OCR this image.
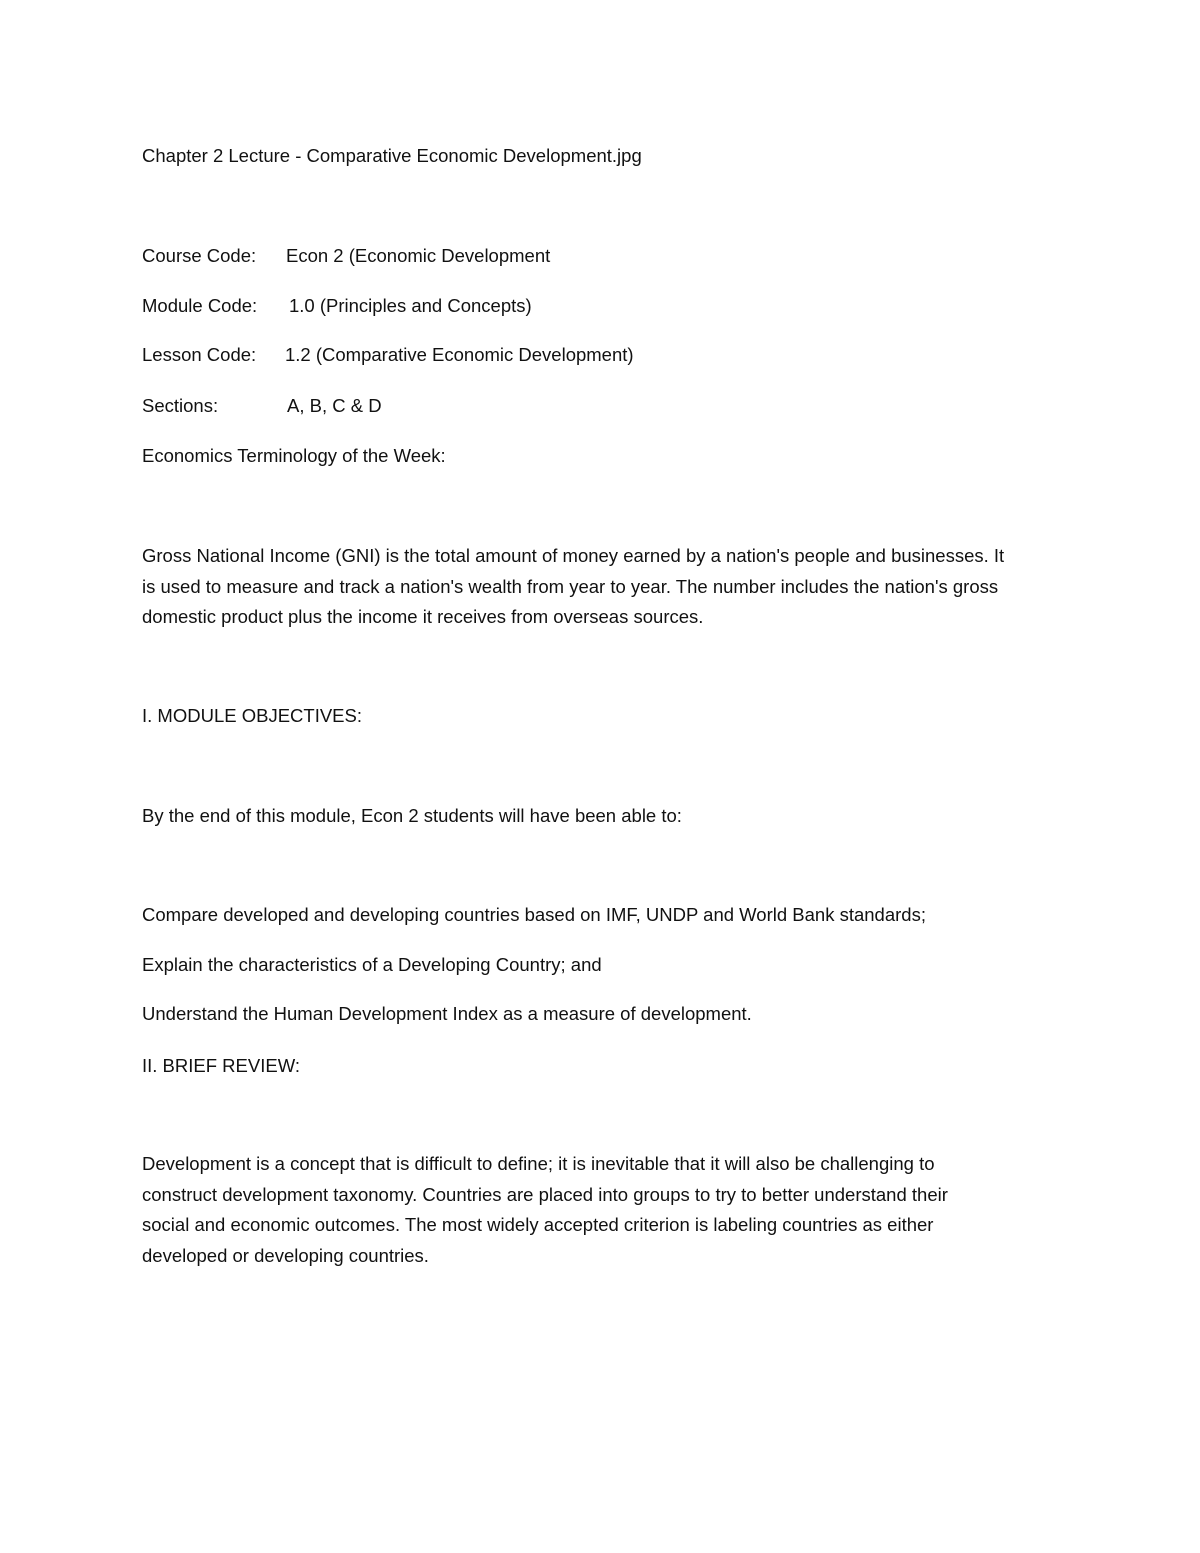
Chapter 2 Lecture - Comparative Economic Development.jpg
Course Code: Econ 2 (Economic Development
Module Code: 1.0 (Principles and Concepts)
Lesson Code: 1.2 (Comparative Economic Development)
Sections:	A, B, C & D
Economics Terminology of the Week:
Gross National Income (GNI) is the total amount of money earned by a nation's people and businesses. It
is used to measure and track a nation's wealth from year to year. The number includes the nation's gross
domestic product plus the income it receives from overseas sources.
I. MODULE OBJECTIVES:
By the end of this module, Econ 2 students will have been able to:
Compare developed and developing countries based on IMF, UNDP and World Bank standards;
Explain the characteristics of a Developing Country; and
Understand the Human Development Index as a measure of development.
II. BRIEF REVIEW:
Development is a concept that is difficult to define; it is inevitable that it will also be challenging to
construct development taxonomy. Countries are placed into groups to try to better understand their
social and economic outcomes. The most widely accepted criterion is labeling countries as either
developed or developing countries.
